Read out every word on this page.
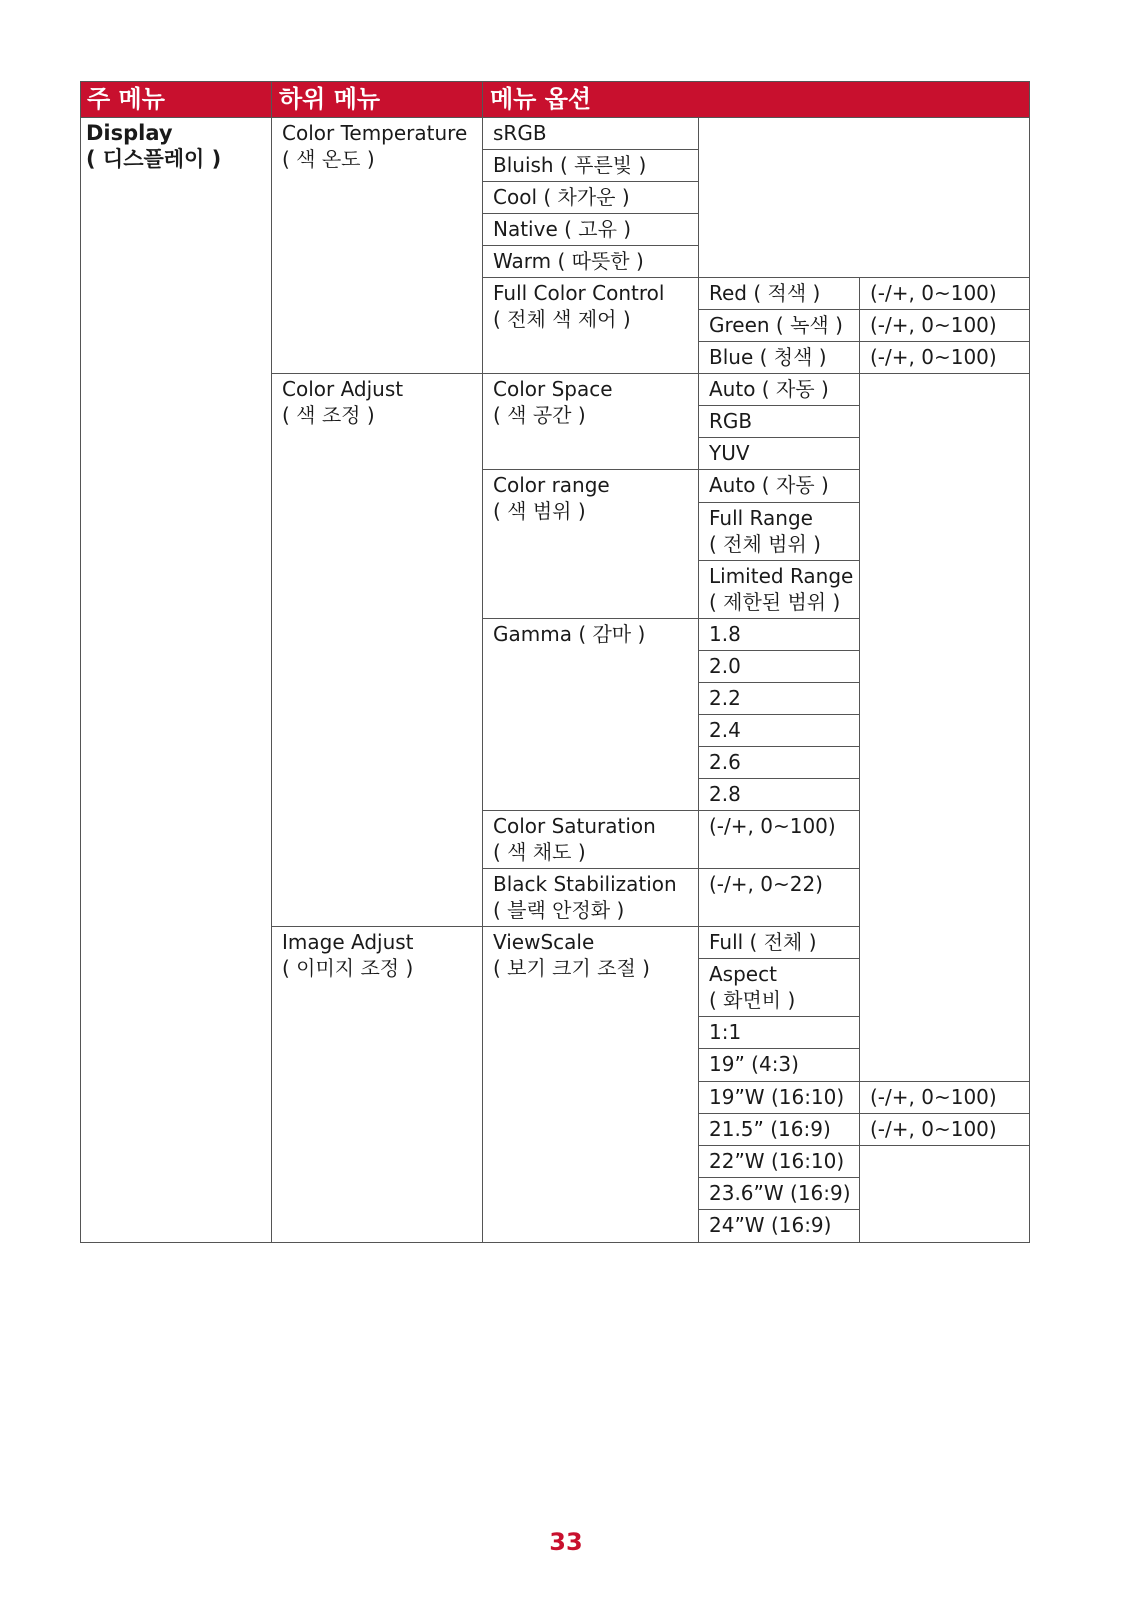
주 메뉴	하위 메뉴	메뉴 옵션
Display
( 디스플레이 )
Color Temperature
( 색 온도 )
Color Adjust
( 색 조정 )
Image Adjust
( 이미지 조정 )
sRGB
Bluish ( 푸른빛 )
Cool ( 차가운 )
Native ( 고유 )
Warm ( 따뜻한 )
Full Color Control
( 전체 색 제어 )
Color Space
( 색 공간 )
Color range
( 색 범위 )
Gamma ( 감마 )
Color Saturation
( 색 채도 )
Black Stabilization
( 블랙 안정화 )
ViewScale
( 보기 크기 조절 )
Red ( 적색 )
Green ( 녹색 )
Blue ( 청색 )
Auto ( 자동 )
RGB
YUV
Auto ( 자동 )
Full Range
( 전체 범위 )
Limited Range
( 제한된 범위 )
1.8
2.0
2.2
2.4
2.6
2.8
(-/+, 0~100)
(-/+, 0~22)
Full ( 전체 )
Aspect
( 화면비 )
1:1
19” (4:3)
19”W (16:10)
21.5” (16:9)
22”W (16:10)
23.6”W (16:9)
24”W (16:9)
(-/+, 0~100)
(-/+, 0~100)
(-/+, 0~100)
(-/+, 0~100)
(-/+, 0~100)
33
